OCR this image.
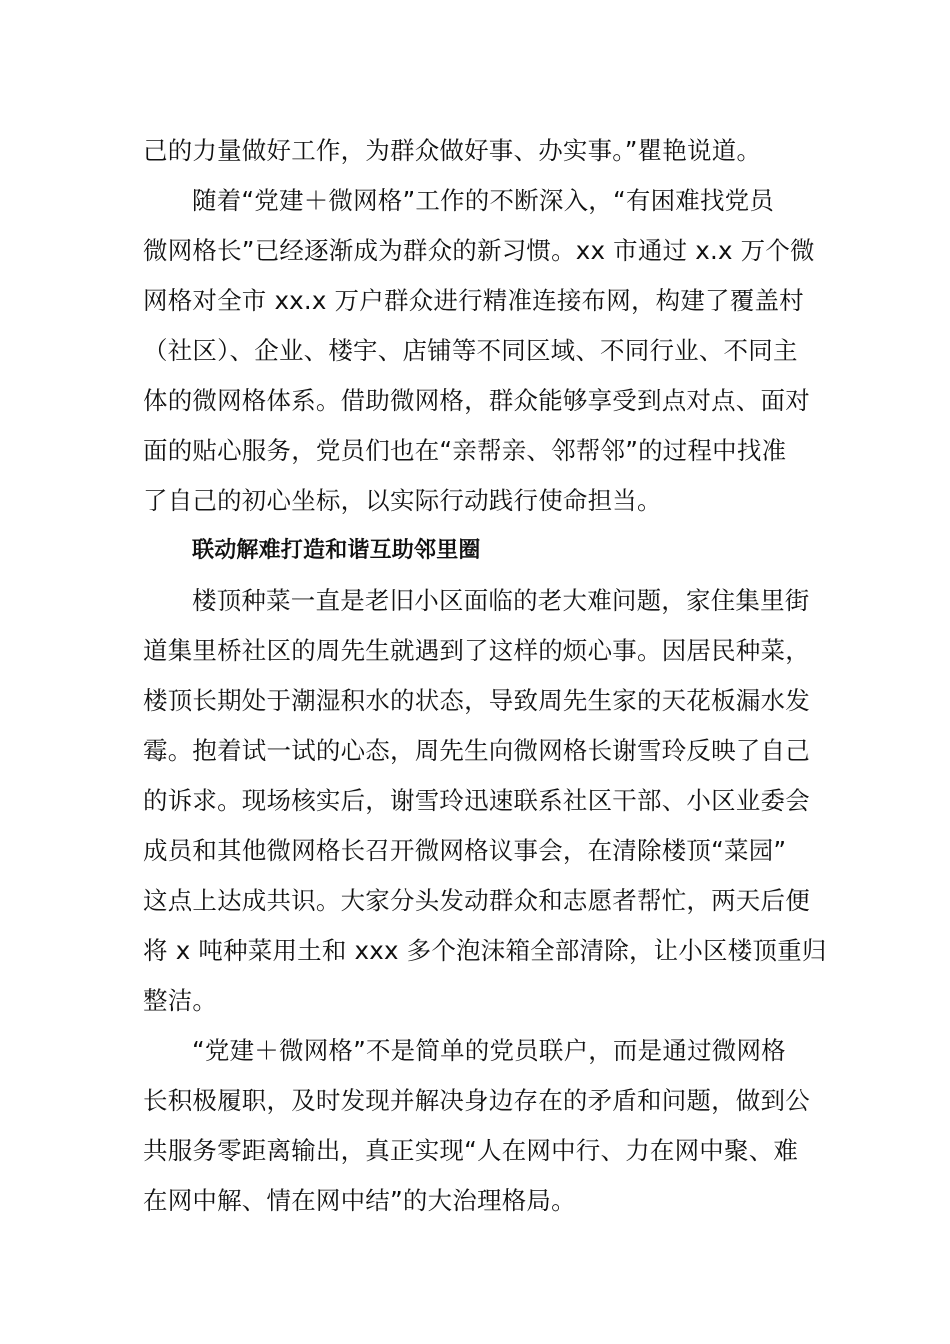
己的力量做好工作，为群众做好事、办实事。”瞿艳说道。
随着“党建＋微网格”工作的不断深入，“有困难找党员
微网格长”已经逐渐成为群众的新习惯。xx 市通过 x.x 万个微
网格对全市 xx.x 万户群众进行精准连接布网，构建了覆盖村
（社区）、企业、楼宇、店铺等不同区域、不同行业、不同主
体的微网格体系。借助微网格，群众能够享受到点对点、面对
面的贴心服务，党员们也在“亲帮亲、邻帮邻”的过程中找准
了自己的初心坐标，以实际行动践行使命担当。
联动解难打造和谐互助邻里圈
楼顶种菜一直是老旧小区面临的老大难问题，家住集里街
道集里桥社区的周先生就遇到了这样的烦心事。因居民种菜，
楼顶长期处于潮湿积水的状态，导致周先生家的天花板漏水发
霉。抱着试一试的心态，周先生向微网格长谢雪玲反映了自己
的诉求。现场核实后，谢雪玲迅速联系社区干部、小区业委会
成员和其他微网格长召开微网格议事会，在清除楼顶“菜园”
这点上达成共识。大家分头发动群众和志愿者帮忙，两天后便
将 x 吨种菜用土和 xxx 多个泡沫箱全部清除，让小区楼顶重归
整洁。
“党建＋微网格”不是简单的党员联户，而是通过微网格
长积极履职，及时发现并解决身边存在的矛盾和问题，做到公
共服务零距离输出，真正实现“人在网中行、力在网中聚、难
在网中解、情在网中结”的大治理格局。
